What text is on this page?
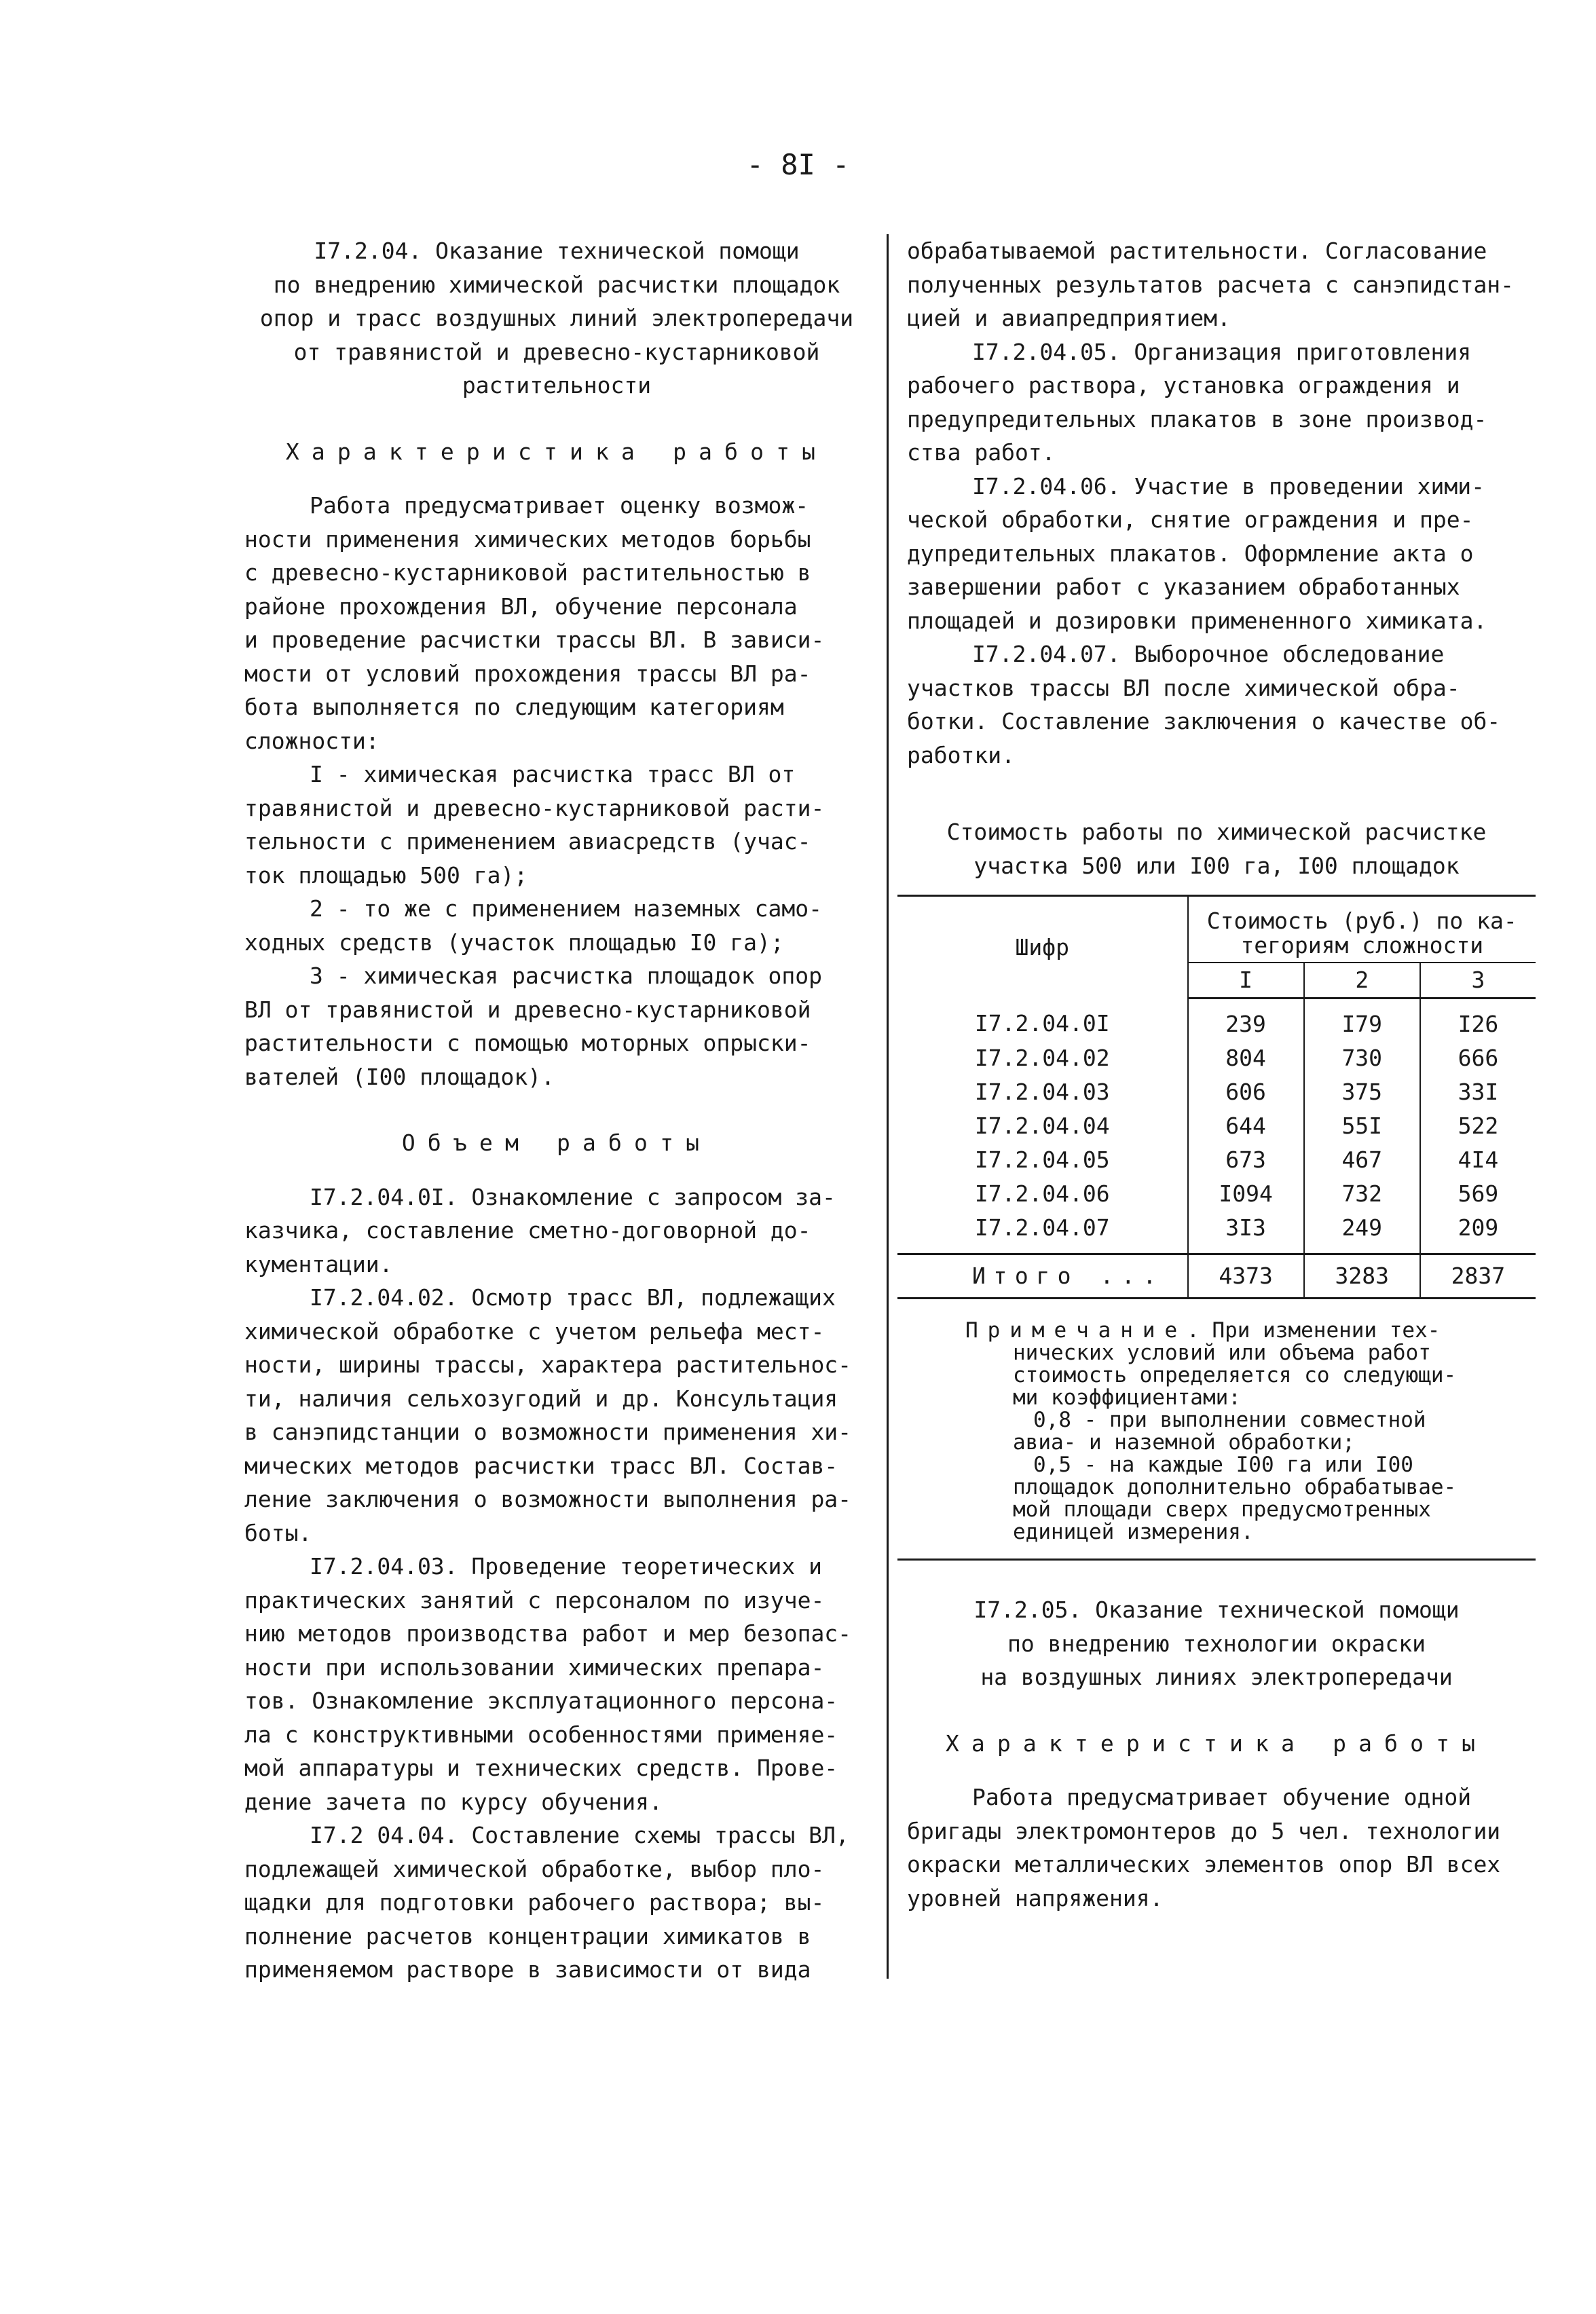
- 8I -
I7.2.04. Оказание технической помощи
по внедрению химической расчистки площадок
опор и трасс воздушных линий электропередачи
от травянистой и древесно-кустарниковой
растительности
Характеристика работы
Работа предусматривает оценку возмож-
ности применения химических методов борьбы
с древесно-кустарниковой растительностью в
районе прохождения ВЛ, обучение персонала
и проведение расчистки трассы ВЛ. В зависи-
мости от условий прохождения трассы ВЛ ра-
бота выполняется по следующим категориям
сложности:
I - химическая расчистка трасс ВЛ от
травянистой и древесно-кустарниковой расти-
тельности с применением авиасредств (учас-
ток площадью 500 га);
2 - то же с применением наземных само-
ходных средств (участок площадью I0 га);
3 - химическая расчистка площадок опор
ВЛ от травянистой и древесно-кустарниковой
растительности с помощью моторных опрыски-
вателей (I00 площадок).
Объем работы
I7.2.04.0I. Ознакомление с запросом за-
казчика, составление сметно-договорной до-
кументации.
I7.2.04.02. Осмотр трасс ВЛ, подлежащих
химической обработке с учетом рельефа мест-
ности, ширины трассы, характера растительнос-
ти, наличия сельхозугодий и др. Консультация
в санэпидстанции о возможности применения хи-
мических методов расчистки трасс ВЛ. Состав-
ление заключения о возможности выполнения ра-
боты.
I7.2.04.03. Проведение теоретических и
практических занятий с персоналом по изуче-
нию методов производства работ и мер безопас-
ности при использовании химических препара-
тов. Ознакомление эксплуатационного персона-
ла с конструктивными особенностями применяе-
мой аппаратуры и технических средств. Прове-
дение зачета по курсу обучения.
I7.2 04.04. Составление схемы трассы ВЛ,
подлежащей химической обработке, выбор пло-
щадки для подготовки рабочего раствора; вы-
полнение расчетов концентрации химикатов в
применяемом растворе в зависимости от вида
обрабатываемой растительности. Согласование
полученных результатов расчета с санэпидстан-
цией и авиапредприятием.
I7.2.04.05. Организация приготовления
рабочего раствора, установка ограждения и
предупредительных плакатов в зоне производ-
ства работ.
I7.2.04.06. Участие в проведении хими-
ческой обработки, снятие ограждения и пре-
дупредительных плакатов. Оформление акта о
завершении работ с указанием обработанных
площадей и дозировки примененного химиката.
I7.2.04.07. Выборочное обследование
участков трассы ВЛ после химической обра-
ботки. Составление заключения о качестве об-
работки.
Стоимость работы по химической расчистке
участка 500 или I00 га, I00 площадок

Шифр	Стоимость (руб.) по ка-
тегориям сложности		

	I	2	3
I7.2.04.0I	239	I79	I26
I7.2.04.02	804	730	666
I7.2.04.03	606	375	33I
I7.2.04.04	644	55I	522
I7.2.04.05	673	467	4I4
I7.2.04.06	I094	732	569
I7.2.04.07	3I3	249	209
Итого ...	4373	3283	2837
Примечание. При изменении тех-
нических условий или объема работ
стоимость определяется со следующи-
ми коэффициентами:
0,8 - при выполнении совместной
авиа- и наземной обработки;
0,5 - на каждые I00 га или I00
площадок дополнительно обрабатывае-
мой площади сверх предусмотренных
единицей измерения.
I7.2.05. Оказание технической помощи
по внедрению технологии окраски
на воздушных линиях электропередачи
Характеристика работы
Работа предусматривает обучение одной
бригады электромонтеров до 5 чел. технологии
окраски металлических элементов опор ВЛ всех
уровней напряжения.
